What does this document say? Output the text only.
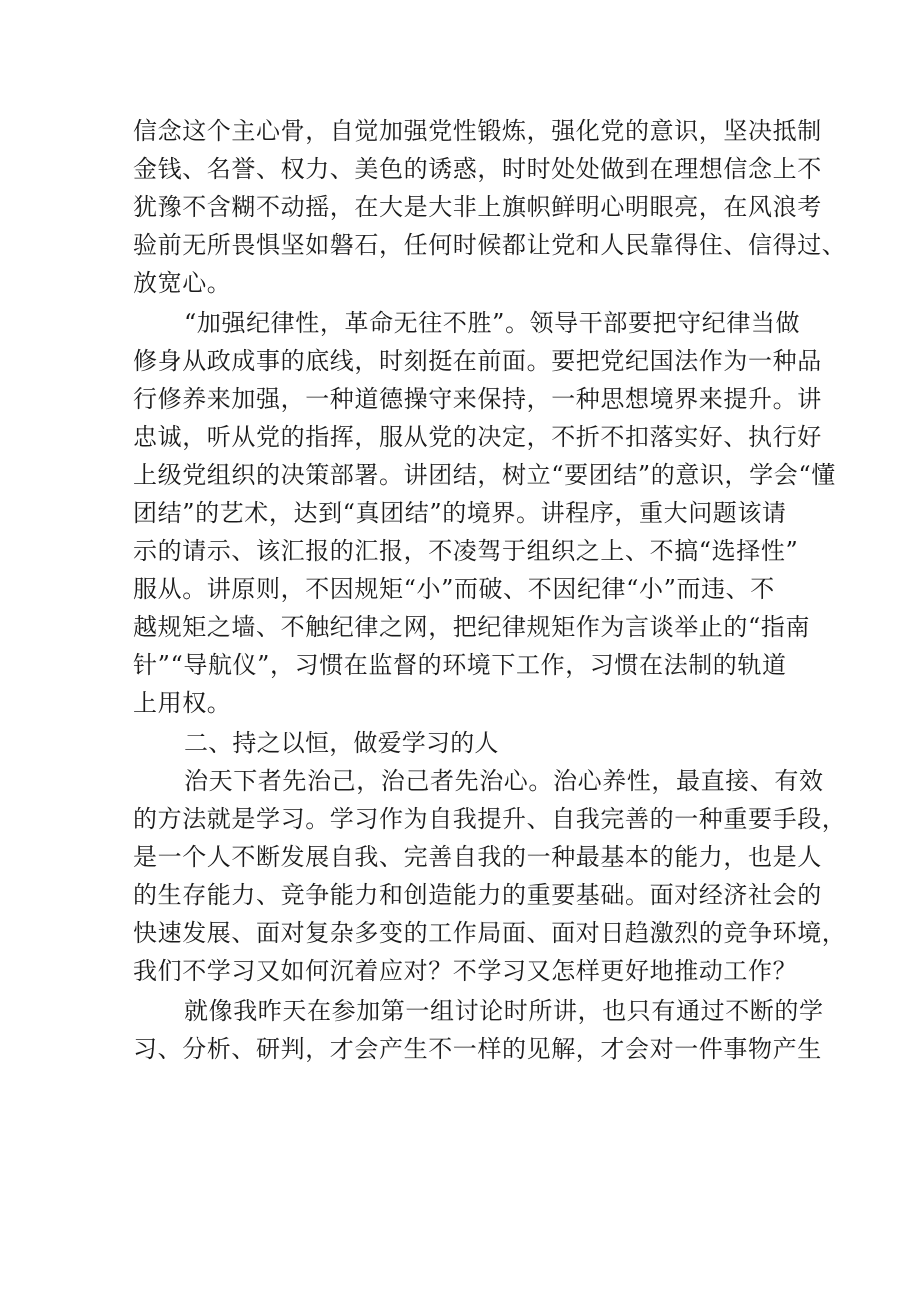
信念这个主心骨，自觉加强党性锻炼，强化党的意识，坚决抵制
金钱、名誉、权力、美色的诱惑，时时处处做到在理想信念上不
犹豫不含糊不动摇，在大是大非上旗帜鲜明心明眼亮，在风浪考
验前无所畏惧坚如磐石，任何时候都让党和人民靠得住、信得过、
放宽心。
“加强纪律性，革命无往不胜”。领导干部要把守纪律当做
修身从政成事的底线，时刻挺在前面。要把党纪国法作为一种品
行修养来加强，一种道德操守来保持，一种思想境界来提升。讲
忠诚，听从党的指挥，服从党的决定，不折不扣落实好、执行好
上级党组织的决策部署。讲团结，树立“要团结”的意识，学会“懂
团结”的艺术，达到“真团结”的境界。讲程序，重大问题该请
示的请示、该汇报的汇报，不凌驾于组织之上、不搞“选择性”
服从。讲原则，不因规矩“小”而破、不因纪律“小”而违、不
越规矩之墙、不触纪律之网，把纪律规矩作为言谈举止的“指南
针”“导航仪”，习惯在监督的环境下工作，习惯在法制的轨道
上用权。
二、持之以恒，做爱学习的人
治天下者先治己，治己者先治心。治心养性，最直接、有效
的方法就是学习。学习作为自我提升、自我完善的一种重要手段，
是一个人不断发展自我、完善自我的一种最基本的能力，也是人
的生存能力、竞争能力和创造能力的重要基础。面对经济社会的
快速发展、面对复杂多变的工作局面、面对日趋激烈的竞争环境，
我们不学习又如何沉着应对？不学习又怎样更好地推动工作？
就像我昨天在参加第一组讨论时所讲，也只有通过不断的学
习、分析、研判，才会产生不一样的见解，才会对一件事物产生
